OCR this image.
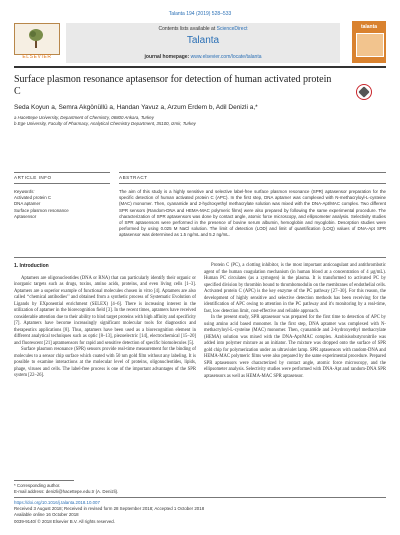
Talanta 194 (2019) 528–533
ELSEVIER
Contents lists available at ScienceDirect
Talanta
journal homepage: www.elsevier.com/locate/talanta
talanta
Surface plasmon resonance aptasensor for detection of human activated protein C
Seda Koyun a, Semra Akgönüllü a, Handan Yavuz a, Arzum Erdem b, Adil Denizli a,*
a Hacettepe University, Department of Chemistry, 06800 Ankara, Turkey
b Ege University, Faculty of Pharmacy, Analytical Chemistry Department, 35100, Izmir, Turkey
ARTICLE INFO	ABSTRACT
Keywords:
Activated protein C
DNA aptamer
Surface plasmon resonance
Aptasensor
The aim of this study is a highly sensitive and selective label-free surface plasmon resonance (SPR) aptasensor preparation for the specific detection of human activated protein C (APC). In the first step, DNA aptamer was complexed with N-methacryloyl-L-cysteine (MAC) monomer. Then, cyanamide and 2-hydroxyethyl methacrylate solution was mixed with the DNA-Apt/MAC complex. Two different SPR sensors (Random-DNA and HEMA-MAC polymeric films) were also prepared by following the same experimental procedure. The characterization of SPR aptasensors was done by contact angle, atomic force microscopy, and ellipsometer analysis. Selectivity studies of SPR aptasensors were performed in the presence of bovine serum albumin, hemoglobin and myoglobin. Desorption studies were performed by using 0.025 M NaCl solution. The limit of detection (LOD) and limit of quantification (LOQ) values of DNA-Apt SPR aptasensor was determined as 1.5 ng/mL and 5.2 ng/mL.
1. Introduction

Aptamers are oligonucleotides (DNA or RNA) that can particularly identify their organic or inorganic targets such as drugs, toxins, amino acids, proteins, and even living cells [1–3]. Aptamers are a superior example of functional molecules chosen in vitro [4]. Aptamers are also called ‘‘chemical antibodies’’ and obtained from a synthetic process of Systematic Evolution of Ligands by EXponential enrichment (SELEX) [4–6]. There is increasing interest in the utilization of aptamer in the biorecognition field [3]. In the recent times, aptamers have received considerable attention due to their ability to bind target proteins with high affinity and specificity [7]. Aptamers have become increasingly significant molecular tools for diagnostics and therapeutics applications [8]. Thus, aptamers have been used as a biorecognition element in different analytical techniques such as optic [8–13], piezoelectric [14], electrochemical [15–20] and fluorescent [21] aptamsensors for rapid and sensitive detection of specific biomolecules [5].

Surface plasmon resonance (SPR) sensors provide real-time measurement for the binding of molecules to a sensor chip surface which coated with 50 nm gold film without any labeling. It is possible to examine interactions at the molecular level of proteins, oligonucleotides, lipids, phage, viruses and cells. The label-free process is one of the important advantages of the SPR system [22–26].

Protein C (PC), a clotting inhibitor, is the most important anticoagulant and antithrombotic agent of the human coagulation mechanism (in human blood at a concentration of 4 µg/mL). Human PC circulates (as a zymogen) in the plasma. It is transformed to activated PC by specified division by thrombin bound to thrombomodulin on the membranes of endothelial cells. Activated protein C (APC) is the key enzyme of the PC pathway [27–30]. For this reason, the development of highly sensitive and selective detection methods has been receiving for the identification of APC owing to attention in the PC pathway and it's monitoring by a real-time, fast, low detection limit, cost-effective and reliable approach.

In the present study, SPR aptasensor was prepared for the first time to detection of APC by using amino acid based monomer. In the first step, DNA aptamer was complexed with N-methacryloyl-L-cysteine (MAC) monomer. Then, cyanamide and 2-hydroxyethyl methacrylate (HEMA) solution was mixed with the DNA-Apt/MAC complex. Azobisisobutyronitrile was added into polymer mixture as an initiator. The mixture was dropped onto the surface of SPR gold chip for polymerization under an ultraviolet lamp. SPR aptasensors with random-DNA and HEMA-MAC polymeric films were also prepared by the same experimental procedure. Prepared SPR aptasensors were characterized by contact angle, atomic force microscopy, and the ellipsometer analysis. Selectivity studies were performed with DNA-Apt and random-DNA SPR aptasensors as well as HEMA-MAC SPR aptasensor.

* Corresponding author.
E-mail address: denizli@hacettepe.edu.tr (A. Denizli).
https://doi.org/10.1016/j.talanta.2018.10.007
Received 3 August 2018; Received in revised form 28 September 2018; Accepted 1 October 2018
Available online 16 October 2018
0039-9140/ © 2018 Elsevier B.V. All rights reserved.
